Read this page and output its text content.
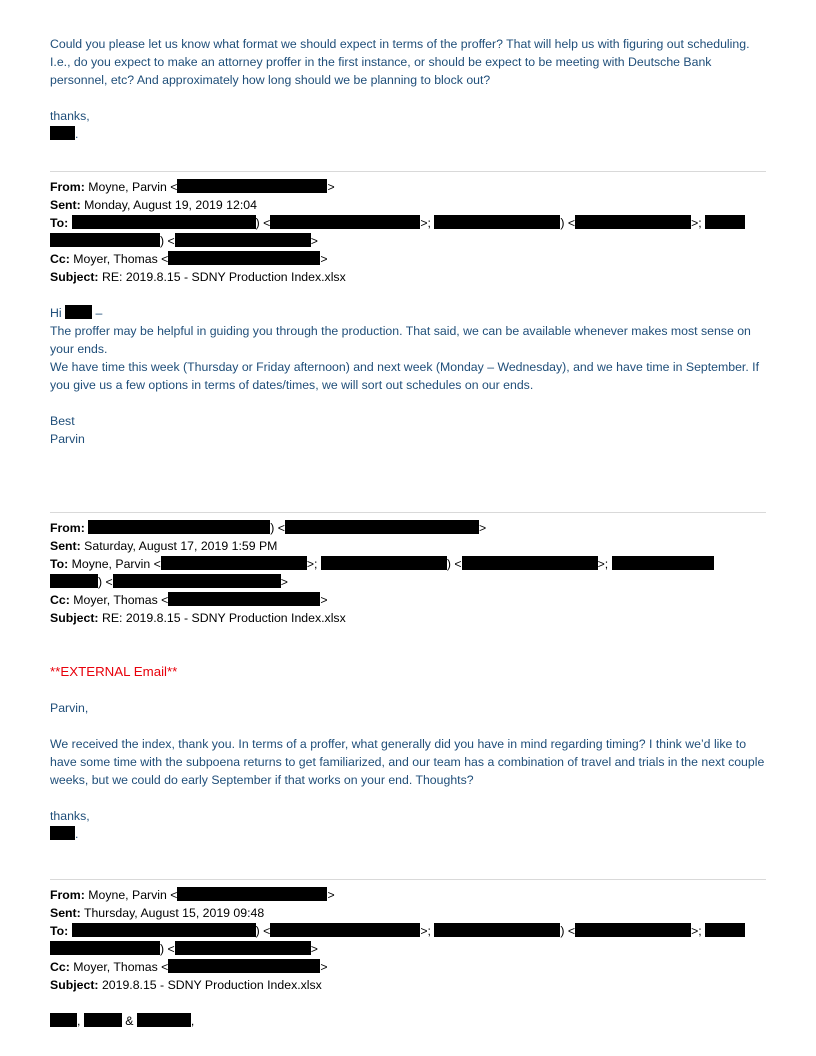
Could you please let us know what format we should expect in terms of the proffer? That will help us with figuring out scheduling. I.e., do you expect to make an attorney proffer in the first instance, or should be expect to be meeting with Deutsche Bank personnel, etc? And approximately how long should we be planning to block out?

thanks,

.

From: Moyne, Parvin <	>
Sent: Monday, August 19, 2019 12:04
To:	) <	>;	) <	>;
) <	>
Cc: Moyer, Thomas <	>
Subject: RE: 2019.8.15 - SDNY Production Index.xlsx

Hi	–

The proffer may be helpful in guiding you through the production. That said, we can be available whenever makes most sense on your ends.

We have time this week (Thursday or Friday afternoon) and next week (Monday – Wednesday), and we have time in September. If you give us a few options in terms of dates/times, we will sort out schedules on our ends.

Best

Parvin

From:	) <	>
Sent: Saturday, August 17, 2019 1:59 PM
To: Moyne, Parvin <	>;	) <	>;
) <	>
Cc: Moyer, Thomas <	>
Subject: RE: 2019.8.15 - SDNY Production Index.xlsx

**EXTERNAL Email**

Parvin,

We received the index, thank you. In terms of a proffer, what generally did you have in mind regarding timing? I think we’d like to have some time with the subpoena returns to get familiarized, and our team has a combination of travel and trials in the next couple weeks, but we could do early September if that works on your end. Thoughts?

thanks,

.

From: Moyne, Parvin <	>
Sent: Thursday, August 15, 2019 09:48
To:	) <	>;	) <	>;
) <	>
Cc: Moyer, Thomas <	>
Subject: 2019.8.15 - SDNY Production Index.xlsx

,	&	,
